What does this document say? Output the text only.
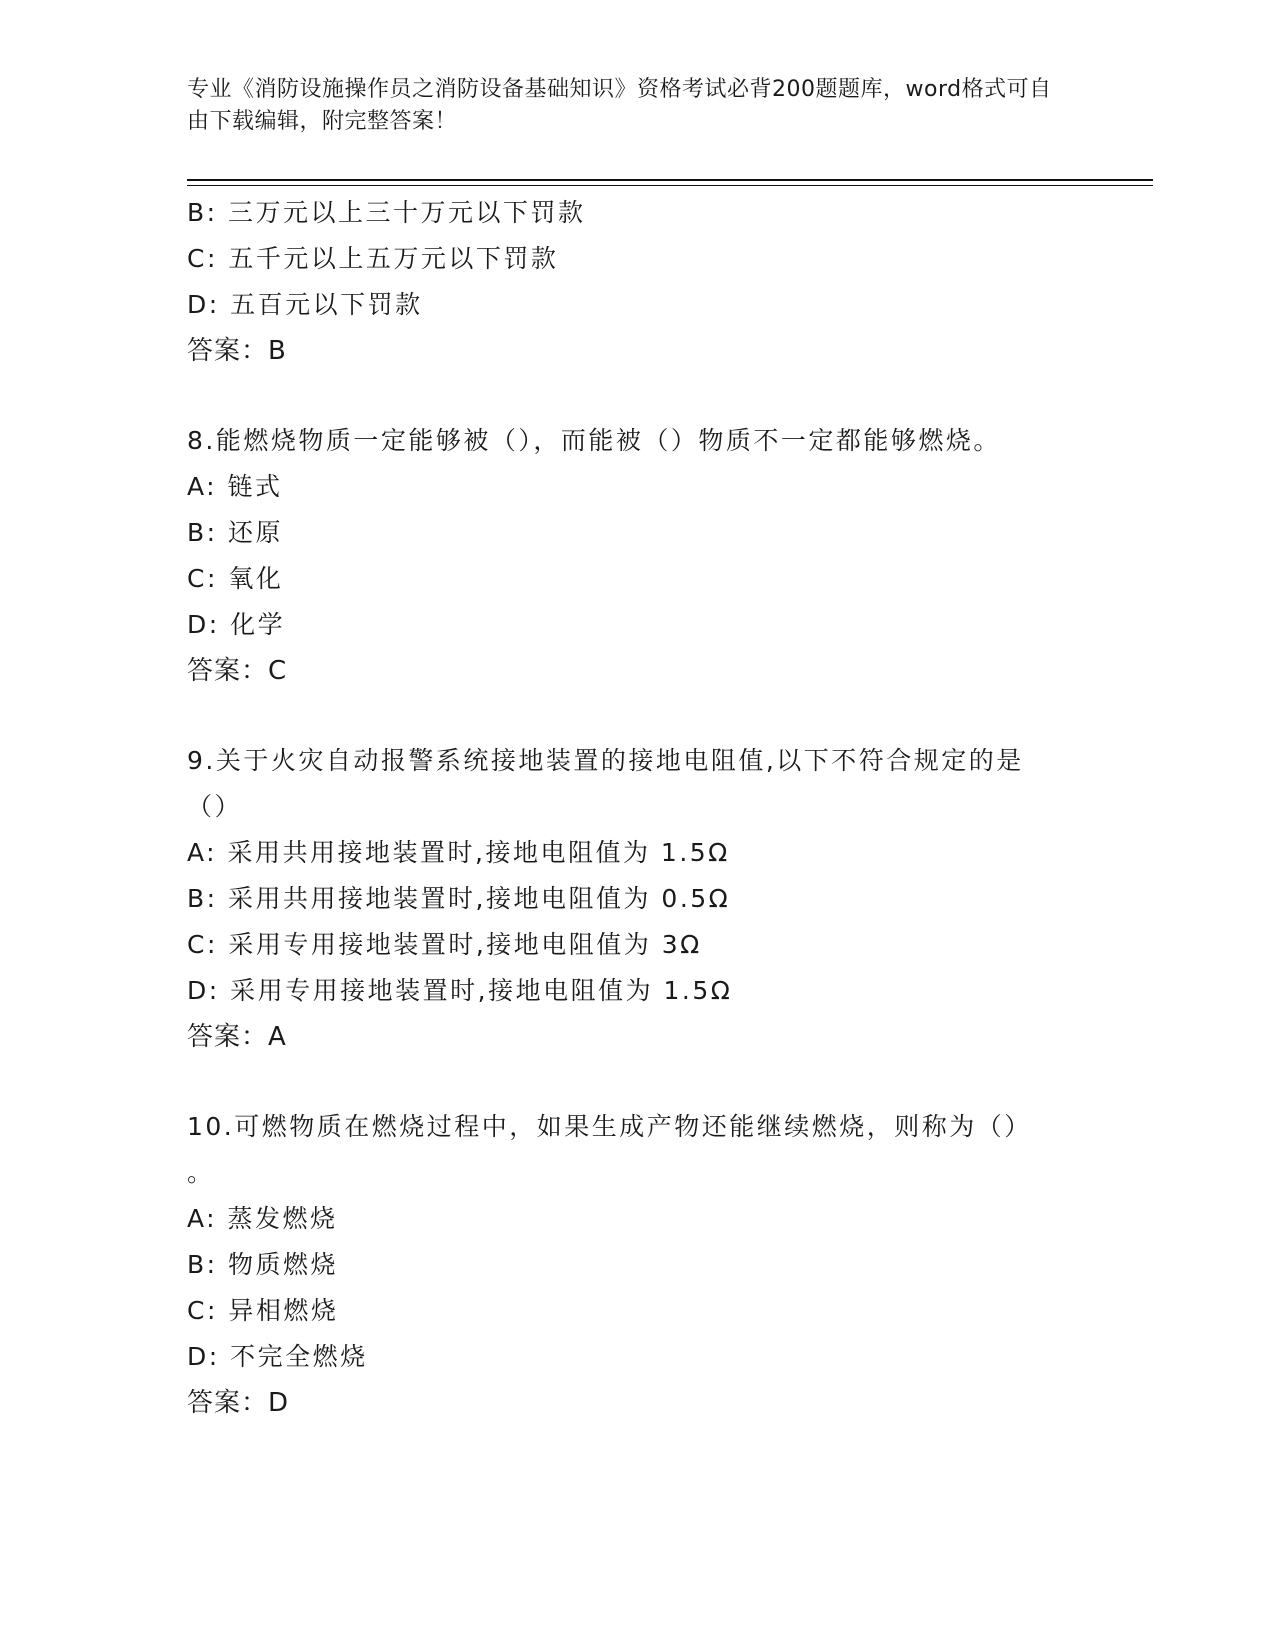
专业《消防设施操作员之消防设备基础知识》资格考试必背200题题库，word格式可自由下载编辑，附完整答案！
B: 三万元以上三十万元以下罚款
C: 五千元以上五万元以下罚款
D: 五百元以下罚款
答案：B
8.能燃烧物质一定能够被（），而能被（）物质不一定都能够燃烧。
A: 链式
B: 还原
C: 氧化
D: 化学
答案：C
9.关于火灾自动报警系统接地装置的接地电阻值,以下不符合规定的是
（）
A: 采用共用接地装置时,接地电阻值为 1.5Ω
B: 采用共用接地装置时,接地电阻值为 0.5Ω
C: 采用专用接地装置时,接地电阻值为 3Ω
D: 采用专用接地装置时,接地电阻值为 1.5Ω
答案：A
10.可燃物质在燃烧过程中，如果生成产物还能继续燃烧，则称为（）
。
A: 蒸发燃烧
B: 物质燃烧
C: 异相燃烧
D: 不完全燃烧
答案：D
